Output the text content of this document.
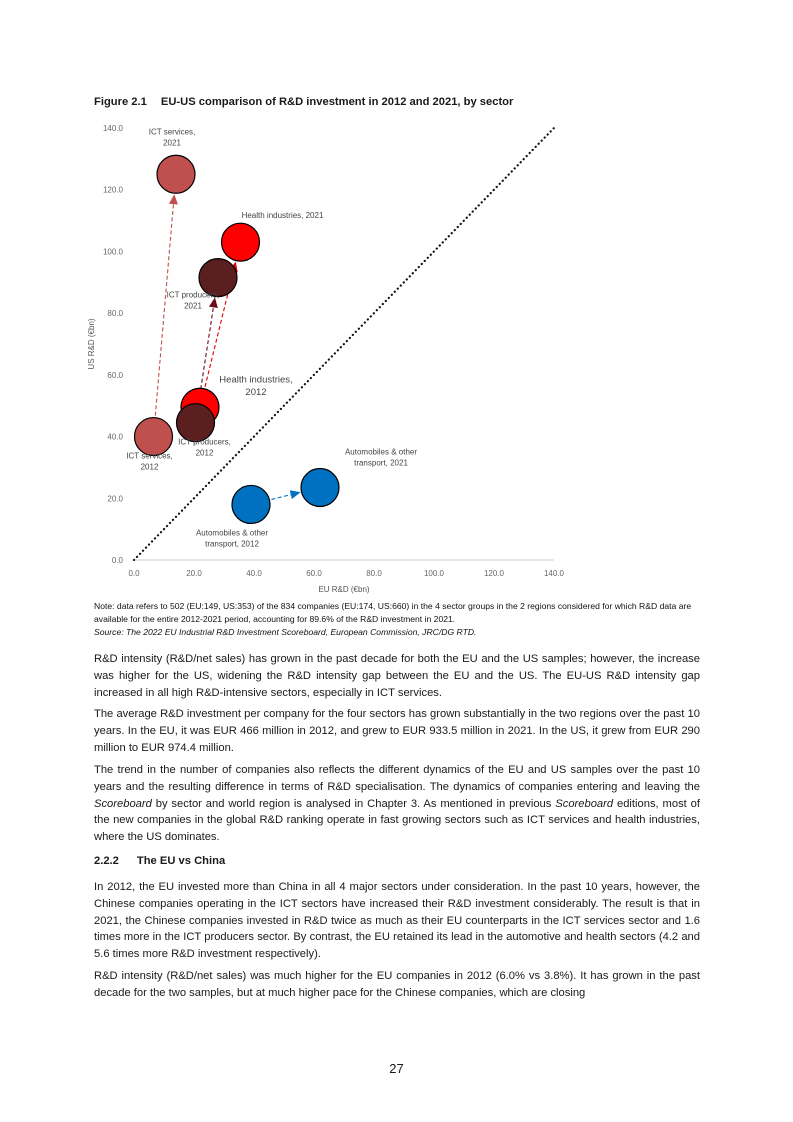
Figure 2.1 EU-US comparison of R&D investment in 2012 and 2021, by sector
0.0	20.0	40.0	60.0	80.0	100.0	120.0	140.0
0.0
20.0
40.0
60.0
80.0
100.0
120.0
140.0
ICT services,
2012
ICT services,
2021
Health industries,
2012
Health industries, 2021
ICT producers,
2012
ICT producers,
2021
Automobiles & other
transport, 2012
Automobiles & other
transport, 2021
EU R&D (€bn)
US R&D (€bn)
Note: data refers to 502 (EU:149, US:353) of the 834 companies (EU:174, US:660) in the 4 sector groups in the 2 regions considered for which R&D data are available for the entire 2012-2021 period, accounting for 89.6% of the R&D investment in 2021.
Source: The 2022 EU Industrial R&D Investment Scoreboard, European Commission, JRC/DG RTD.
R&D intensity (R&D/net sales) has grown in the past decade for both the EU and the US samples; however, the increase was higher for the US, widening the R&D intensity gap between the EU and the US. The EU-US R&D intensity gap increased in all high R&D-intensive sectors, especially in ICT services.
The average R&D investment per company for the four sectors has grown substantially in the two regions over the past 10 years. In the EU, it was EUR 466 million in 2012, and grew to EUR 933.5 million in 2021. In the US, it grew from EUR 290 million to EUR 974.4 million.
The trend in the number of companies also reflects the different dynamics of the EU and US samples over the past 10 years and the resulting difference in terms of R&D specialisation. The dynamics of companies entering and leaving the Scoreboard by sector and world region is analysed in Chapter 3. As mentioned in previous Scoreboard editions, most of the new companies in the global R&D ranking operate in fast growing sectors such as ICT services and health industries, where the US dominates.
2.2.2 The EU vs China
In 2012, the EU invested more than China in all 4 major sectors under consideration. In the past 10 years, however, the Chinese companies operating in the ICT sectors have increased their R&D investment considerably. The result is that in 2021, the Chinese companies invested in R&D twice as much as their EU counterparts in the ICT services sector and 1.6 times more in the ICT producers sector. By contrast, the EU retained its lead in the automotive and health sectors (4.2 and 5.6 times more R&D investment respectively).
R&D intensity (R&D/net sales) was much higher for the EU companies in 2012 (6.0% vs 3.8%). It has grown in the past decade for the two samples, but at much higher pace for the Chinese companies, which are closing
27
